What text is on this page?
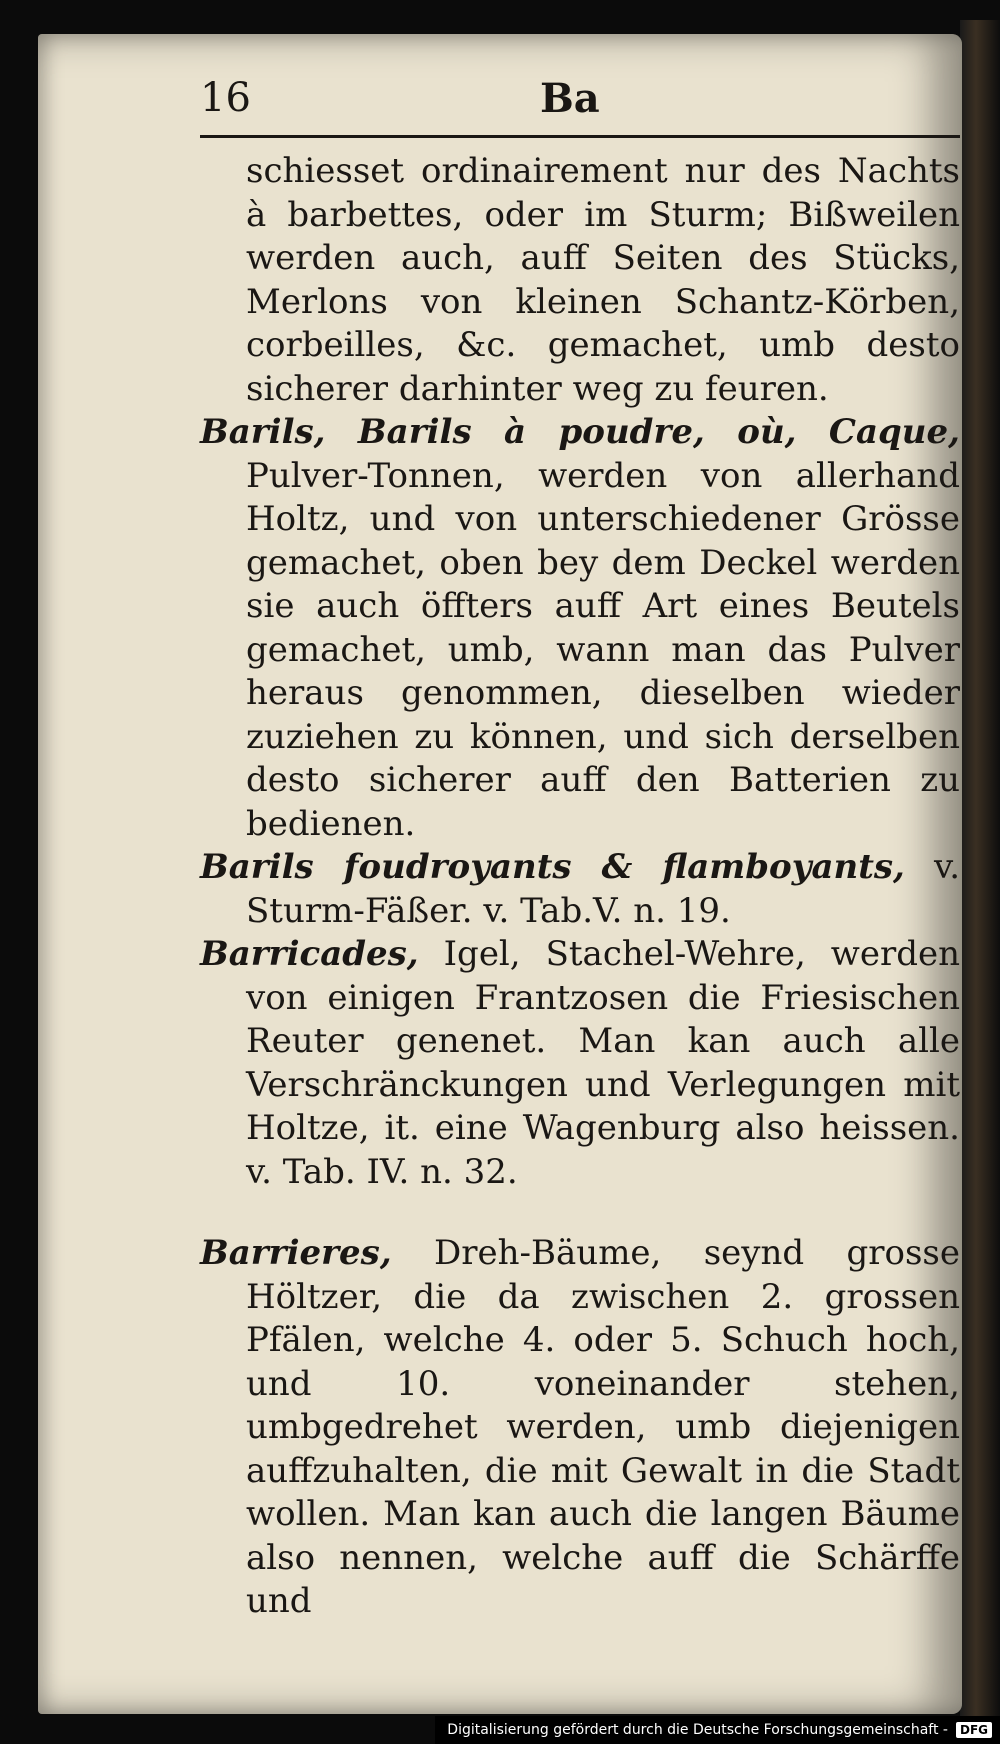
16	Ba

schiesset ordinairement nur des Nachts à barbettes, oder im Sturm; Bißweilen werden auch, auff Seiten des Stücks, Merlons von kleinen Schantz-Körben, corbeilles, &c. gemachet, umb desto sicherer darhinter weg zu feuren.

Barils, Barils à poudre, où, Caque, Pulver-Tonnen, werden von allerhand Holtz, und von unterschiedener Grösse gemachet, oben bey dem Deckel werden sie auch öffters auff Art eines Beutels gemachet, umb, wann man das Pulver heraus genommen, dieselben wieder zuziehen zu können, und sich derselben desto sicherer auff den Batterien zu bedienen.

Barils foudroyants & flamboyants, v. Sturm-Fäßer. v. Tab.V. n. 19.

Barricades, Igel, Stachel-Wehre, werden von einigen Frantzosen die Friesischen Reuter genenet. Man kan auch alle Verschränckungen und Verlegungen mit Holtze, it. eine Wagenburg also heissen. v. Tab. IV. n. 32.

Barrieres, Dreh-Bäume, seynd grosse Höltzer, die da zwischen 2. grossen Pfälen, welche 4. oder 5. Schuch hoch, und 10. voneinander stehen, umbgedrehet werden, umb diejenigen auffzuhalten, die mit Gewalt in die Stadt wollen. Man kan auch die langen Bäume also nennen, welche auff die Schärffe und

Digitalisierung gefördert durch die Deutsche Forschungsgemeinschaft -	DFG
